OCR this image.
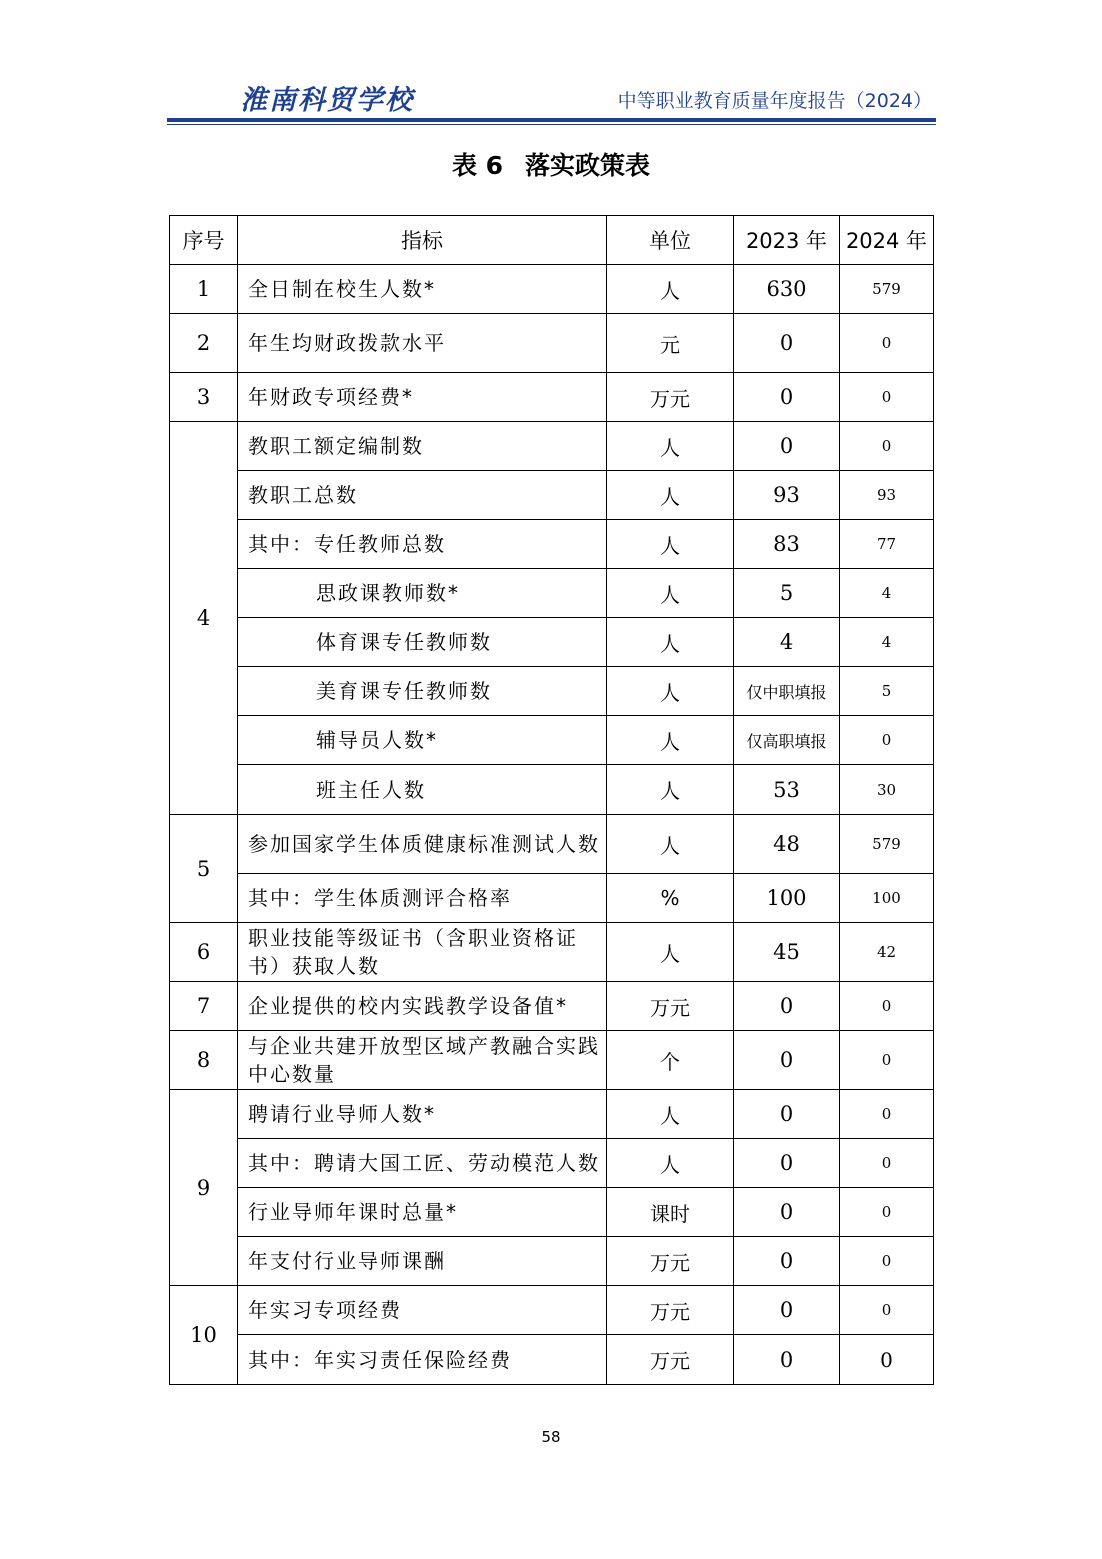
淮南科贸学校	中等职业教育质量年度报告（2024）
表 6 落实政策表
序号	指标	单位	2023 年	2024 年
1	全日制在校生人数*	人	630	579
2	年生均财政拨款水平	元	0	0
3	年财政专项经费*	万元	0	0
4	教职工额定编制数	人	0	0
	教职工总数	人	93	93
	其中：专任教师总数	人	83	77
	思政课教师数*	人	5	4
	体育课专任教师数	人	4	4
	美育课专任教师数	人	仅中职填报	5
	辅导员人数*	人	仅高职填报	0
	班主任人数	人	53	30
5	参加国家学生体质健康标准测试人数	人	48	579
	其中：学生体质测评合格率	%	100	100
6	职业技能等级证书（含职业资格证书）获取人数	人	45	42
7	企业提供的校内实践教学设备值*	万元	0	0
8	与企业共建开放型区域产教融合实践中心数量	个	0	0
9	聘请行业导师人数*	人	0	0
	其中：聘请大国工匠、劳动模范人数	人	0	0
	行业导师年课时总量*	课时	0	0
	年支付行业导师课酬	万元	0	0
10	年实习专项经费	万元	0	0
	其中：年实习责任保险经费	万元	0	0
58
